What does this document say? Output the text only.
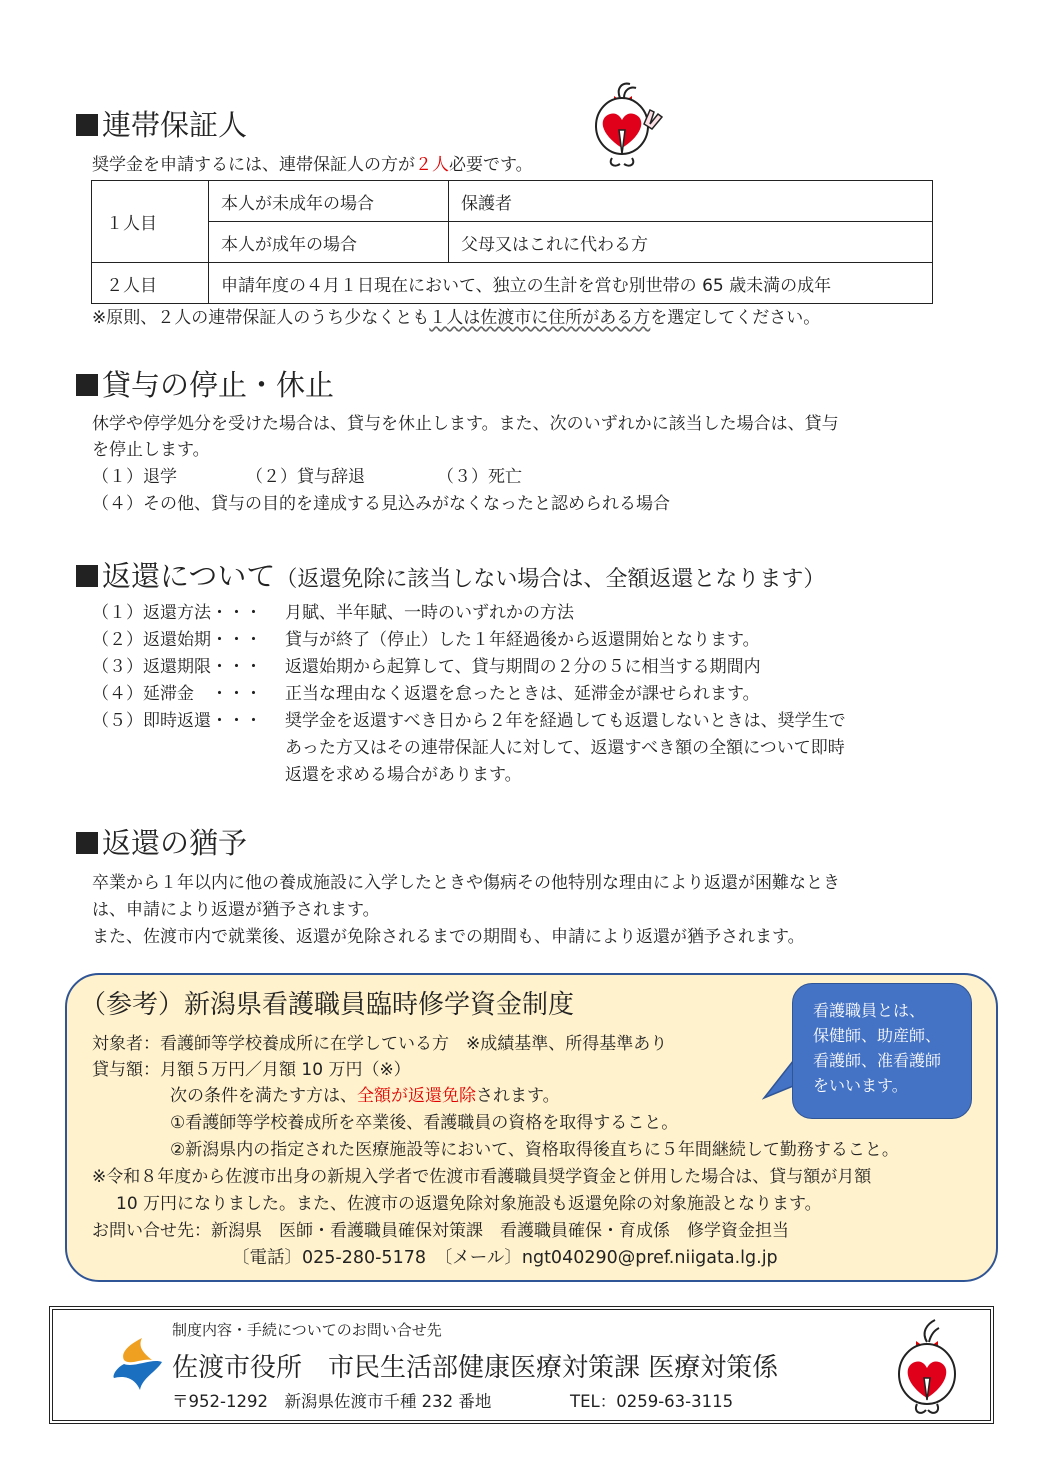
連帯保証人
奨学金を申請するには、連帯保証人の方が２人必要です。
１人目	本人が未成年の場合	保護者
	本人が成年の場合	父母又はこれに代わる方
２人目	申請年度の４月１日現在において、独立の生計を営む別世帯の 65 歳未満の成年	
※原則、２人の連帯保証人のうち少なくとも１人は佐渡市に住所がある方を選定してください。
貸与の停止・休止
休学や停学処分を受けた場合は、貸与を休止します。また、次のいずれかに該当した場合は、貸与
を停止します。
（１）退学	（２）貸与辞退	（３）死亡
（４）その他、貸与の目的を達成する見込みがなくなったと認められる場合
返還について（返還免除に該当しない場合は、全額返還となります）
（１）返還方法・・・ 月賦、半年賦、一時のいずれかの方法
（２）返還始期・・・ 貸与が終了（停止）した１年経過後から返還開始となります。
（３）返還期限・・・ 返還始期から起算して、貸与期間の２分の５に相当する期間内
（４）延滞金　・・・ 正当な理由なく返還を怠ったときは、延滞金が課せられます。
（５）即時返還・・・ 奨学金を返還すべき日から２年を経過しても返還しないときは、奨学生で
あった方又はその連帯保証人に対して、返還すべき額の全額について即時
返還を求める場合があります。
返還の猶予
卒業から１年以内に他の養成施設に入学したときや傷病その他特別な理由により返還が困難なとき
は、申請により返還が猶予されます。
また、佐渡市内で就業後、返還が免除されるまでの期間も、申請により返還が猶予されます。
（参考）新潟県看護職員臨時修学資金制度
対象者：看護師等学校養成所に在学している方　※成績基準、所得基準あり
貸与額：月額５万円／月額 10 万円（※）
次の条件を満たす方は、全額が返還免除されます。
①看護師等学校養成所を卒業後、看護職員の資格を取得すること。
②新潟県内の指定された医療施設等において、資格取得後直ちに５年間継続して勤務すること。
※令和８年度から佐渡市出身の新規入学者で佐渡市看護職員奨学資金と併用した場合は、貸与額が月額
10 万円になりました。また、佐渡市の返還免除対象施設も返還免除の対象施設となります。
お問い合せ先：新潟県　医師・看護職員確保対策課　看護職員確保・育成係　修学資金担当
〔電話〕025-280-5178　〔メール〕ngt040290@pref.niigata.lg.jp
看護職員とは、
保健師、助産師、
看護師、准看護師
をいいます。
制度内容・手続についてのお問い合せ先
佐渡市役所　市民生活部健康医療対策課 医療対策係
〒952-1292　新潟県佐渡市千種 232 番地	TEL：0259-63-3115
